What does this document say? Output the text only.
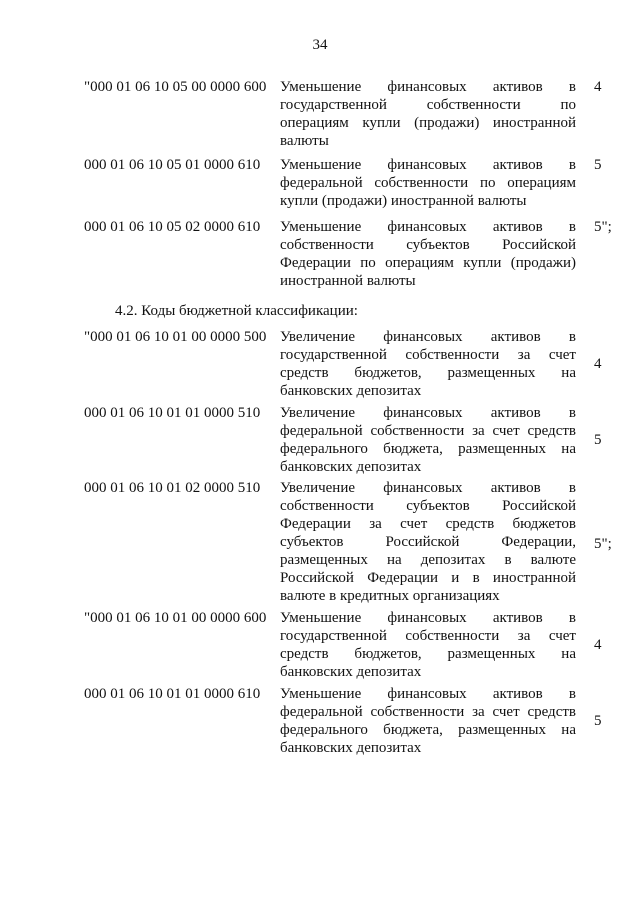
34
"000 01 06 10 05 00 0000 600 Уменьшение финансовых активов в государственной собственности по операциям купли (продажи) иностранной валюты
4
000 01 06 10 05 01 0000 610 Уменьшение финансовых активов в федеральной собственности по операциям купли (продажи) иностранной валюты
5
000 01 06 10 05 02 0000 610 Уменьшение финансовых активов в собственности субъектов Российской Федерации по операциям купли (продажи) иностранной валюты
5";
4.2. Коды бюджетной классификации:
"000 01 06 10 01 00 0000 500 Увеличение финансовых активов в государственной собственности за счет средств бюджетов, размещенных на банковских депозитах
4
000 01 06 10 01 01 0000 510 Увеличение финансовых активов в федеральной собственности за счет средств федерального бюджета, размещенных на банковских депозитах
5
000 01 06 10 01 02 0000 510 Увеличение финансовых активов в собственности субъектов Российской Федерации за счет средств бюджетов субъектов Российской Федерации, размещенных на депозитах в валюте Российской Федерации и в иностранной валюте в кредитных организациях
5";
"000 01 06 10 01 00 0000 600 Уменьшение финансовых активов в государственной собственности за счет средств бюджетов, размещенных на банковских депозитах
4
000 01 06 10 01 01 0000 610 Уменьшение финансовых активов в федеральной собственности за счет средств федерального бюджета, размещенных на банковских депозитах
5
